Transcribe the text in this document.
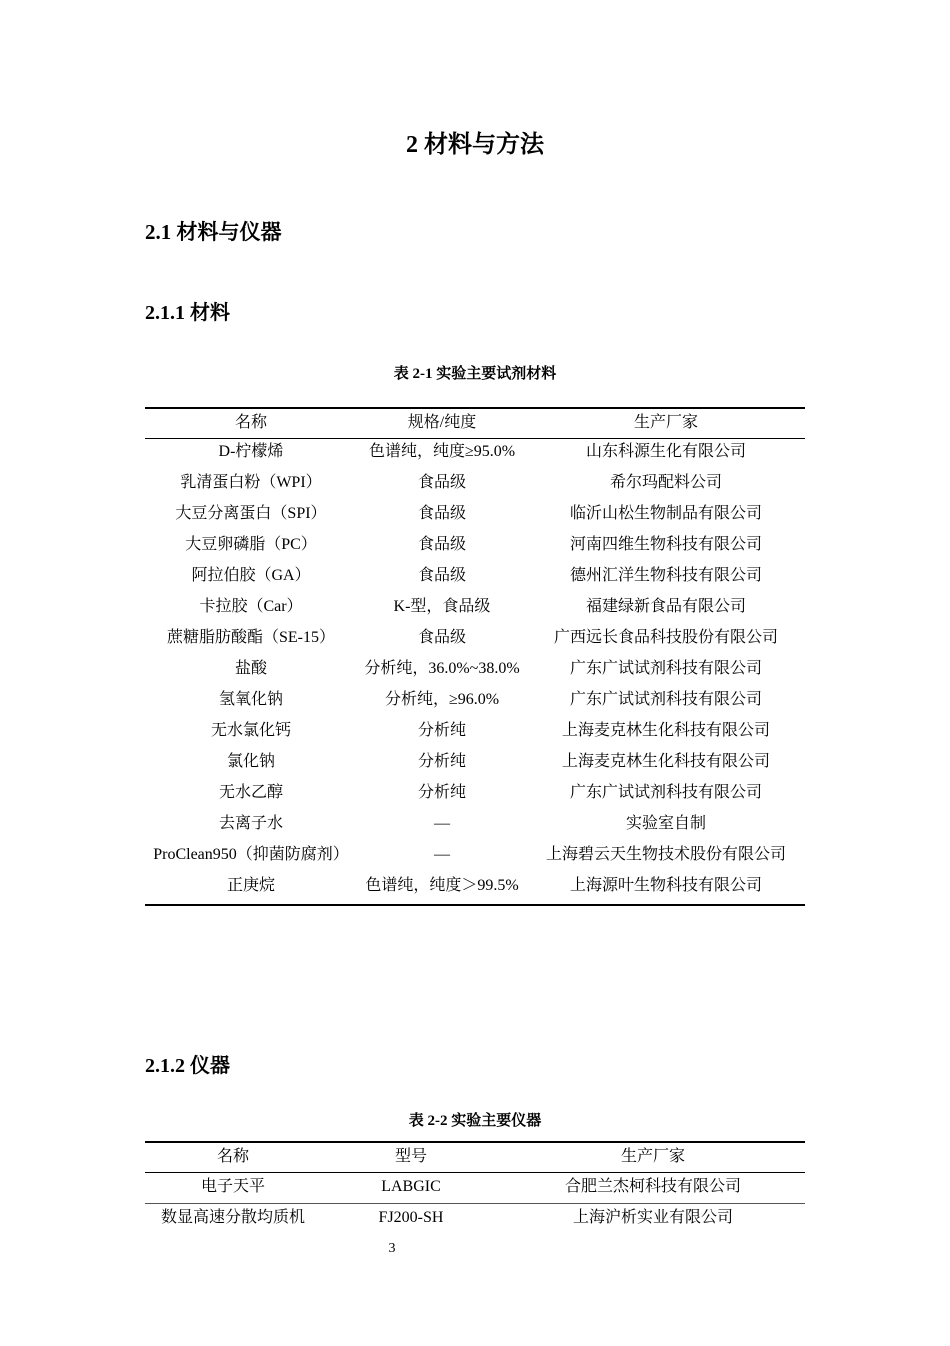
2 材料与方法
2.1 材料与仪器
2.1.1 材料
表 2-1 实验主要试剂材料
名称	规格/纯度	生产厂家
D-柠檬烯	色谱纯，纯度≥95.0%	山东科源生化有限公司
乳清蛋白粉（WPI）	食品级	希尔玛配料公司
大豆分离蛋白（SPI）	食品级	临沂山松生物制品有限公司
大豆卵磷脂（PC）	食品级	河南四维生物科技有限公司
阿拉伯胶（GA）	食品级	德州汇洋生物科技有限公司
卡拉胶（Car）	K-型，食品级	福建绿新食品有限公司
蔗糖脂肪酸酯（SE-15）	食品级	广西远长食品科技股份有限公司
盐酸	分析纯，36.0%~38.0%	广东广试试剂科技有限公司
氢氧化钠	分析纯，≥96.0%	广东广试试剂科技有限公司
无水氯化钙	分析纯	上海麦克林生化科技有限公司
氯化钠	分析纯	上海麦克林生化科技有限公司
无水乙醇	分析纯	广东广试试剂科技有限公司
去离子水	—	实验室自制
ProClean950（抑菌防腐剂）	—	上海碧云天生物技术股份有限公司
正庚烷	色谱纯，纯度＞99.5%	上海源叶生物科技有限公司
2.1.2 仪器
表 2-2 实验主要仪器
名称	型号	生产厂家
电子天平	LABGIC	合肥兰杰柯科技有限公司
数显高速分散均质机	FJ200-SH	上海沪析实业有限公司
3
